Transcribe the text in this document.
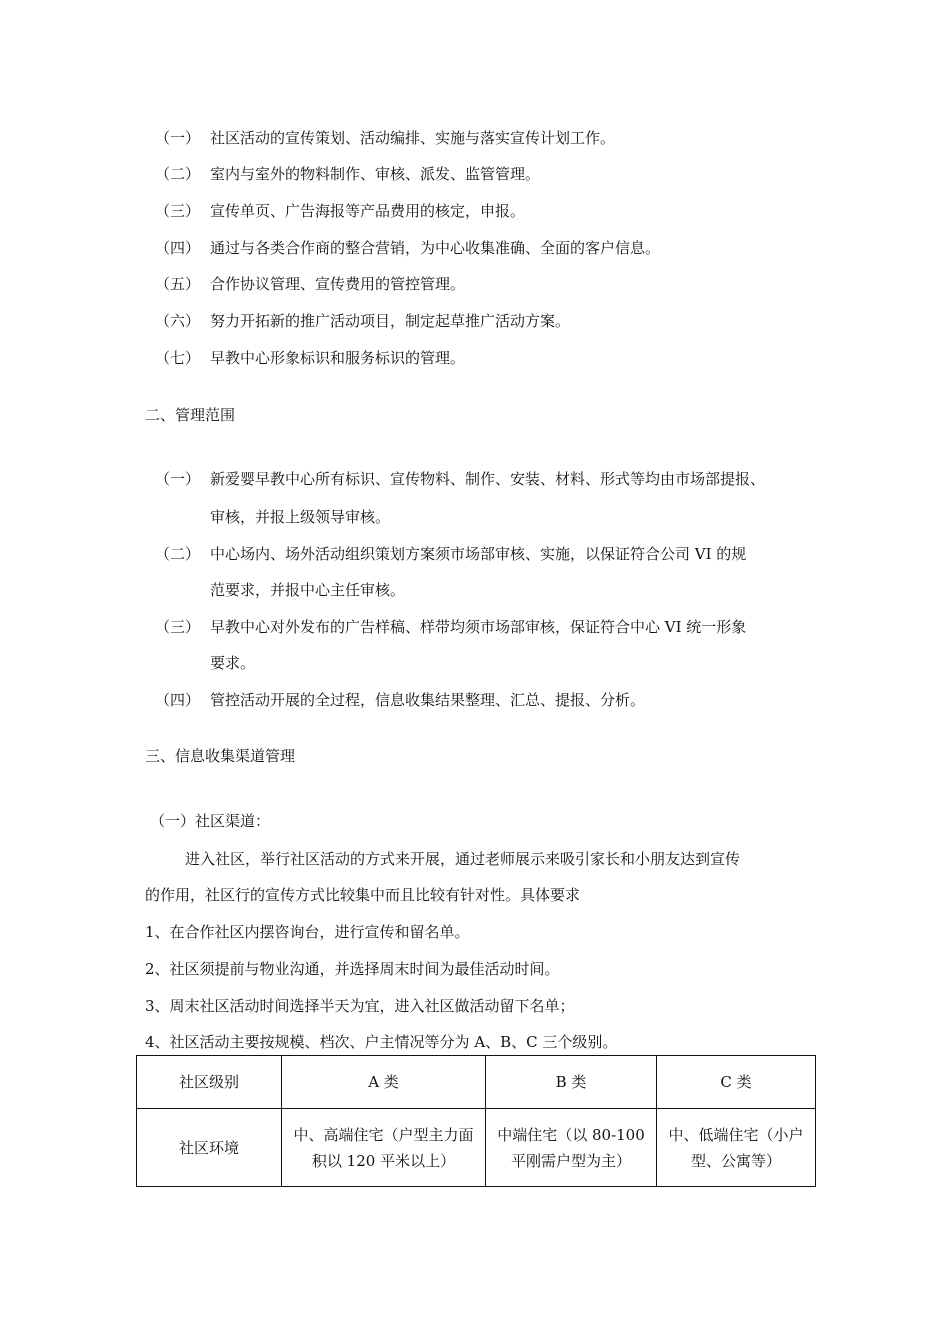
（一） 社区活动的宣传策划、活动编排、实施与落实宣传计划工作。
（二） 室内与室外的物料制作、审核、派发、监管管理。
（三） 宣传单页、广告海报等产品费用的核定，申报。
（四） 通过与各类合作商的整合营销，为中心收集准确、全面的客户信息。
（五） 合作协议管理、宣传费用的管控管理。
（六） 努力开拓新的推广活动项目，制定起草推广活动方案。
（七） 早教中心形象标识和服务标识的管理。
二、管理范围
（一） 新爱婴早教中心所有标识、宣传物料、制作、安装、材料、形式等均由市场部提报、
审核，并报上级领导审核。
（二） 中心场内、场外活动组织策划方案须市场部审核、实施，以保证符合公司 VI 的规
范要求，并报中心主任审核。
（三） 早教中心对外发布的广告样稿、样带均须市场部审核，保证符合中心 VI 统一形象
要求。
（四） 管控活动开展的全过程，信息收集结果整理、汇总、提报、分析。
三、信息收集渠道管理
（一）社区渠道：
进入社区，举行社区活动的方式来开展，通过老师展示来吸引家长和小朋友达到宣传
的作用，社区行的宣传方式比较集中而且比较有针对性。具体要求
1、在合作社区内摆咨询台，进行宣传和留名单。
2、社区须提前与物业沟通，并选择周末时间为最佳活动时间。
3、周末社区活动时间选择半天为宜，进入社区做活动留下名单；
4、社区活动主要按规模、档次、户主情况等分为 A、B、C 三个级别。
社区级别	A 类	B 类	C 类
社区环境	中、高端住宅（户型主力面积以 120 平米以上）	中端住宅（以 80-100 平刚需户型为主）	中、低端住宅（小户型、公寓等）
